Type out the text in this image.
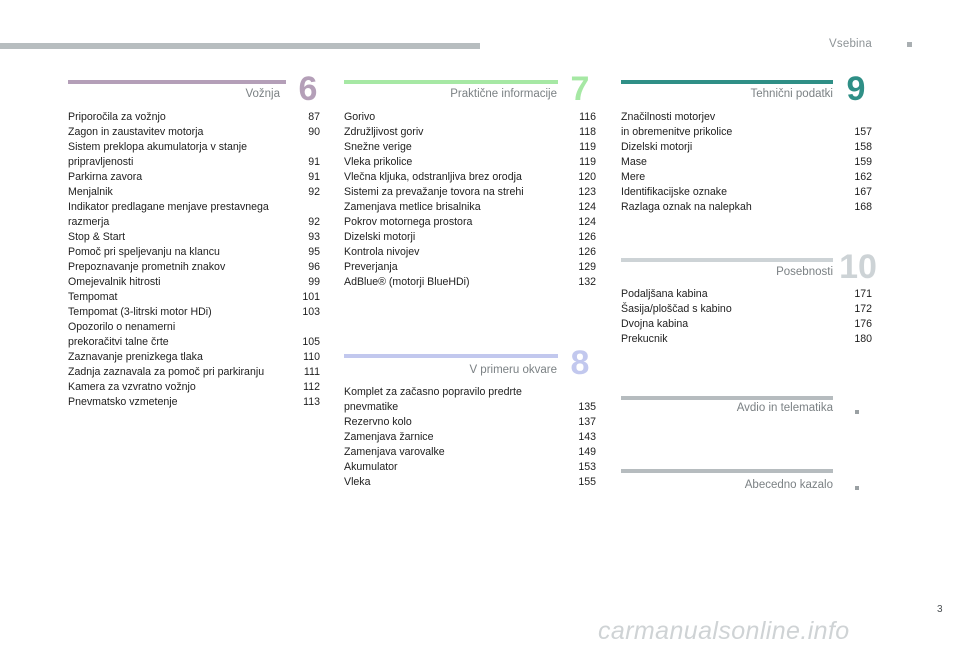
Vsebina
Vožnja 6
Priporočila za vožnjo	87
Zagon in zaustavitev motorja	90
Sistem preklopa akumulatorja v stanje
pripravljenosti	91
Parkirna zavora	91
Menjalnik	92
Indikator predlagane menjave prestavnega
razmerja	92
Stop & Start	93
Pomoč pri speljevanju na klancu	95
Prepoznavanje prometnih znakov	96
Omejevalnik hitrosti	99
Tempomat	101
Tempomat (3-litrski motor HDi)	103
Opozorilo o nenamerni
prekoračitvi talne črte	105
Zaznavanje prenizkega tlaka	110
Zadnja zaznavala za pomoč pri parkiranju	111
Kamera za vzvratno vožnjo	112
Pnevmatsko vzmetenje	113
Praktične informacije 7
Gorivo	116
Združljivost goriv	118
Snežne verige	119
Vleka prikolice	119
Vlečna kljuka, odstranljiva brez orodja	120
Sistemi za prevažanje tovora na strehi	123
Zamenjava metlice brisalnika	124
Pokrov motornega prostora	124
Dizelski motorji	126
Kontrola nivojev	126
Preverjanja	129
AdBlue® (motorji BlueHDi)	132
V primeru okvare 8
Komplet za začasno popravilo predrte
pnevmatike	135
Rezervno kolo	137
Zamenjava žarnice	143
Zamenjava varovalke	149
Akumulator	153
Vleka	155
Tehnični podatki 9
Značilnosti motorjev
in obremenitve prikolice	157
Dizelski motorji	158
Mase	159
Mere	162
Identifikacijske oznake	167
Razlaga oznak na nalepkah	168
Posebnosti 10
Podaljšana kabina	171
Šasija/ploščad s kabino	172
Dvojna kabina	176
Prekucnik	180
Avdio in telematika
Abecedno kazalo
3
carmanualsonline.info
